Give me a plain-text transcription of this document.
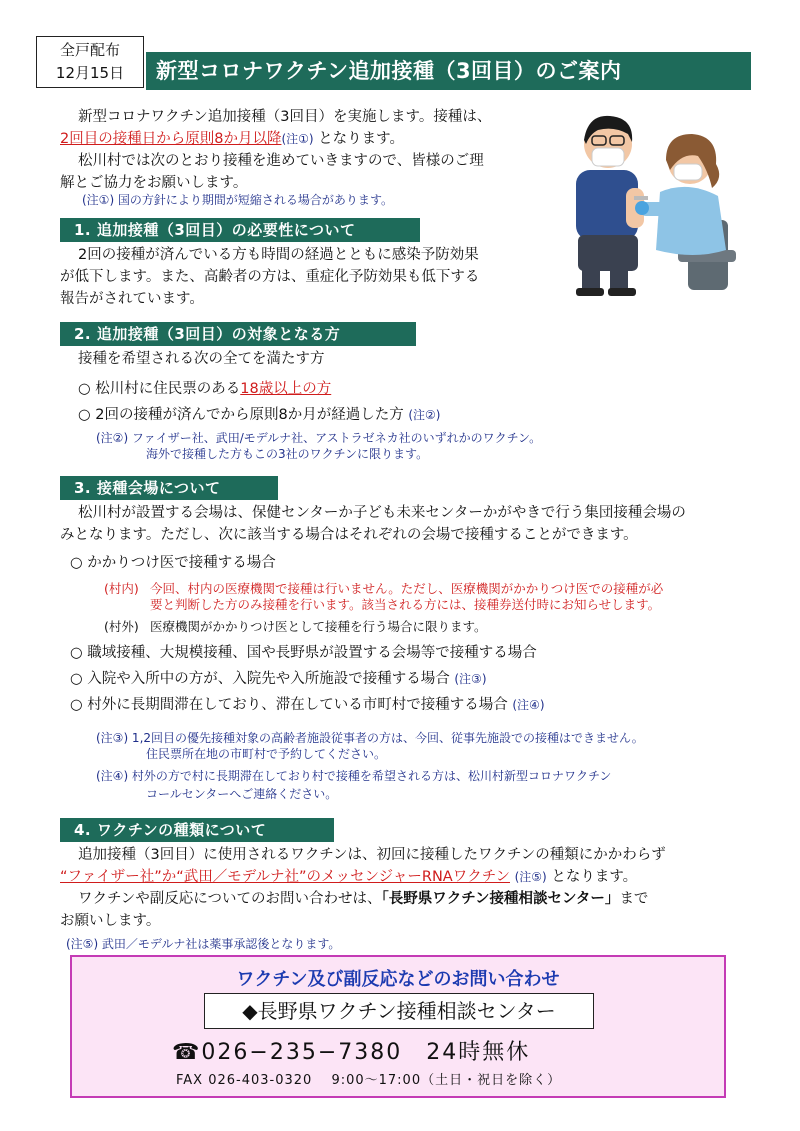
全戸配布
12月15日	新型コロナワクチン追加接種（3回目）のご案内
新型コロナワクチン追加接種（3回目）を実施します。接種は、
2回目の接種日から原則8か月以降(注①) となります。
松川村では次のとおり接種を進めていきますので、皆様のご理
解とご協力をお願いします。
(注①) 国の方針により期間が短縮される場合があります。
1. 追加接種（3回目）の必要性について
2回の接種が済んでいる方も時間の経過とともに感染予防効果
が低下します。また、高齢者の方は、重症化予防効果も低下する
報告がされています。
2. 追加接種（3回目）の対象となる方
接種を希望される次の全てを満たす方
○ 松川村に住民票のある18歳以上の方
○ 2回の接種が済んでから原則8か月が経過した方 (注②)
(注②) ファイザー社、武田/モデルナ社、アストラゼネカ社のいずれかのワクチン。
海外で接種した方もこの3社のワクチンに限ります。
3. 接種会場について
松川村が設置する会場は、保健センターか子ども未来センターかがやきで行う集団接種会場の
みとなります。ただし、次に該当する場合はそれぞれの会場で接種することができます。
○ かかりつけ医で接種する場合
(村内) 今回、村内の医療機関で接種は行いません。ただし、医療機関がかかりつけ医での接種が必
要と判断した方のみ接種を行います。該当される方には、接種券送付時にお知らせします。
(村外) 医療機関がかかりつけ医として接種を行う場合に限ります。
○ 職域接種、大規模接種、国や長野県が設置する会場等で接種する場合
○ 入院や入所中の方が、入院先や入所施設で接種する場合 (注③)
○ 村外に長期間滞在しており、滞在している市町村で接種する場合 (注④)
(注③) 1,2回目の優先接種対象の高齢者施設従事者の方は、今回、従事先施設での接種はできません。
住民票所在地の市町村で予約してください。
(注④) 村外の方で村に長期滞在しており村で接種を希望される方は、松川村新型コロナワクチン
コールセンターへご連絡ください。
4. ワクチンの種類について
追加接種（3回目）に使用されるワクチンは、初回に接種したワクチンの種類にかかわらず
“ファイザー社”か“武田／モデルナ社”のメッセンジャーRNAワクチン (注⑤) となります。
ワクチンや副反応についてのお問い合わせは、「長野県ワクチン接種相談センター」まで
お願いします。
(注⑤) 武田／モデルナ社は薬事承認後となります。
ワクチン及び副反応などのお問い合わせ
◆長野県ワクチン接種相談センター
☎026−235−7380　24時無休
FAX 026-403-0320　 9:00〜17:00（土日・祝日を除く）
